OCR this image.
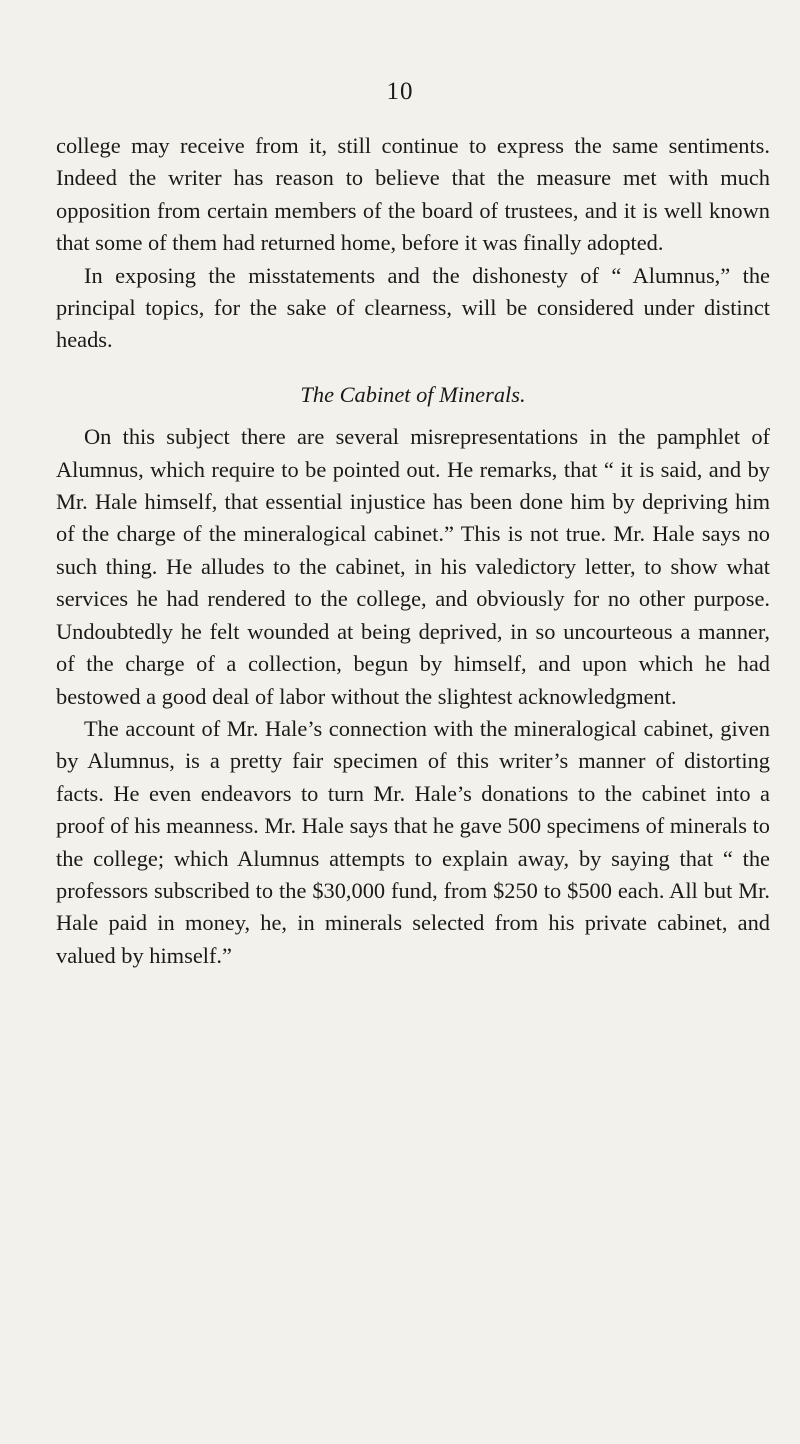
10

college may receive from it, still continue to express the same sentiments. Indeed the writer has reason to believe that the measure met with much opposition from certain members of the board of trustees, and it is well known that some of them had returned home, before it was finally adopted.

In exposing the misstatements and the dishonesty of “ Alumnus,” the principal topics, for the sake of clearness, will be considered under distinct heads.

The Cabinet of Minerals.

On this subject there are several misrepresentations in the pamphlet of Alumnus, which require to be pointed out. He remarks, that “ it is said, and by Mr. Hale himself, that essential injustice has been done him by depriving him of the charge of the mineralogical cabinet.” This is not true. Mr. Hale says no such thing. He alludes to the cabinet, in his valedictory letter, to show what services he had rendered to the college, and obviously for no other purpose. Undoubtedly he felt wounded at being deprived, in so uncourteous a manner, of the charge of a collection, begun by himself, and upon which he had bestowed a good deal of labor without the slightest acknowledgment.

The account of Mr. Hale’s connection with the mineralogical cabinet, given by Alumnus, is a pretty fair specimen of this writer’s manner of distorting facts. He even endeavors to turn Mr. Hale’s donations to the cabinet into a proof of his meanness. Mr. Hale says that he gave 500 specimens of minerals to the college; which Alumnus attempts to explain away, by saying that “ the professors subscribed to the $30,000 fund, from $250 to $500 each. All but Mr. Hale paid in money, he, in minerals selected from his private cabinet, and valued by himself.”
